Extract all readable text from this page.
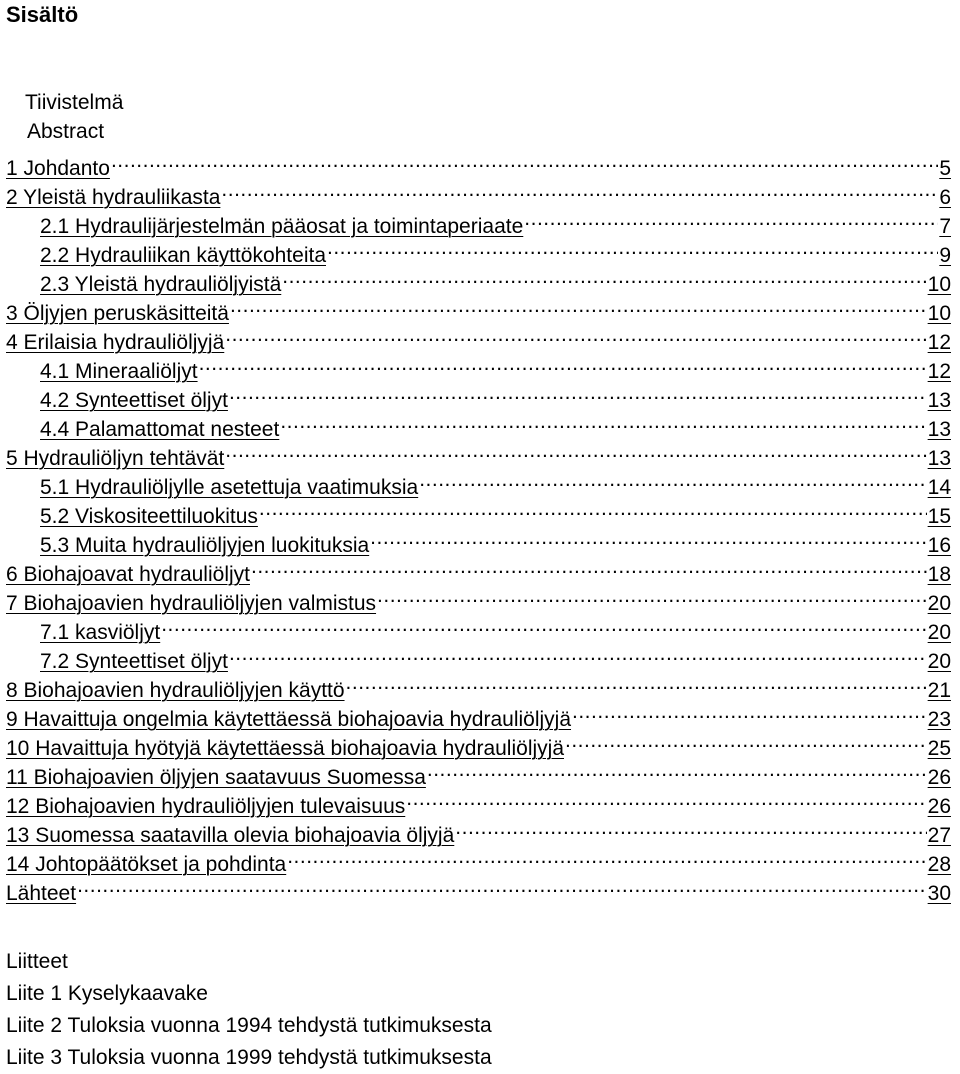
Sisältö
Tiivistelmä
Abstract
1 Johdanto .....	5
2 Yleistä hydrauliikasta .....	6
2.1 Hydraulijärjestelmän pääosat ja toimintaperiaate .....	7
2.2 Hydrauliikan käyttökohteita .....	9
2.3 Yleistä hydrauliöljyistä .....	10
3 Öljyjen peruskäsitteitä .....	10
4 Erilaisia hydrauliöljyjä .....	12
4.1 Mineraaliöljyt .....	12
4.2 Synteettiset öljyt .....	13
4.4 Palamattomat nesteet .....	13
5 Hydrauliöljyn tehtävät .....	13
5.1 Hydrauliöljylle asetettuja vaatimuksia .....	14
5.2 Viskositeettiluokitus .....	15
5.3 Muita hydrauliöljyjen luokituksia .....	16
6 Biohajoavat hydrauliöljyt .....	18
7 Biohajoavien hydrauliöljyjen valmistus .....	20
7.1 kasviöljyt .....	20
7.2 Synteettiset öljyt .....	20
8 Biohajoavien hydrauliöljyjen käyttö .....	21
9 Havaittuja ongelmia käytettäessä biohajoavia hydrauliöljyjä .....	23
10 Havaittuja hyötyjä käytettäessä biohajoavia hydrauliöljyjä .....	25
11 Biohajoavien öljyjen saatavuus Suomessa .....	26
12 Biohajoavien hydrauliöljyjen tulevaisuus .....	26
13 Suomessa saatavilla olevia biohajoavia öljyjä .....	27
14 Johtopäätökset ja pohdinta .....	28
Lähteet .....	30
Liitteet
Liite 1 Kyselykaavake
Liite 2 Tuloksia vuonna 1994 tehdystä tutkimuksesta
Liite 3 Tuloksia vuonna 1999 tehdystä tutkimuksesta
